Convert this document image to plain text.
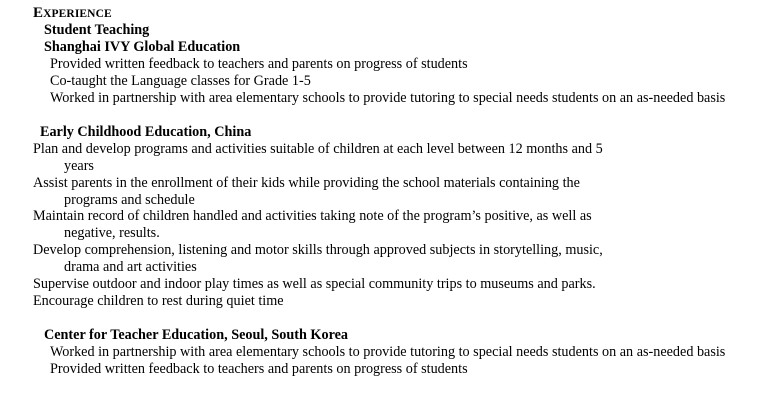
EXPERIENCE
Student Teaching
Shanghai IVY Global Education
Provided written feedback to teachers and parents on progress of students
Co-taught the Language classes for Grade 1-5
Worked in partnership with area elementary schools to provide tutoring to special needs students on an as-needed basis
Early Childhood Education, China
Plan and develop programs and activities suitable of children at each level between 12 months and 5
years
Assist parents in the enrollment of their kids while providing the school materials containing the
programs and schedule
Maintain record of children handled and activities taking note of the program’s positive, as well as
negative, results.
Develop comprehension, listening and motor skills through approved subjects in storytelling, music,
drama and art activities
Supervise outdoor and indoor play times as well as special community trips to museums and parks.
Encourage children to rest during quiet time
Center for Teacher Education, Seoul, South Korea
Worked in partnership with area elementary schools to provide tutoring to special needs students on an as-needed basis
Provided written feedback to teachers and parents on progress of students
